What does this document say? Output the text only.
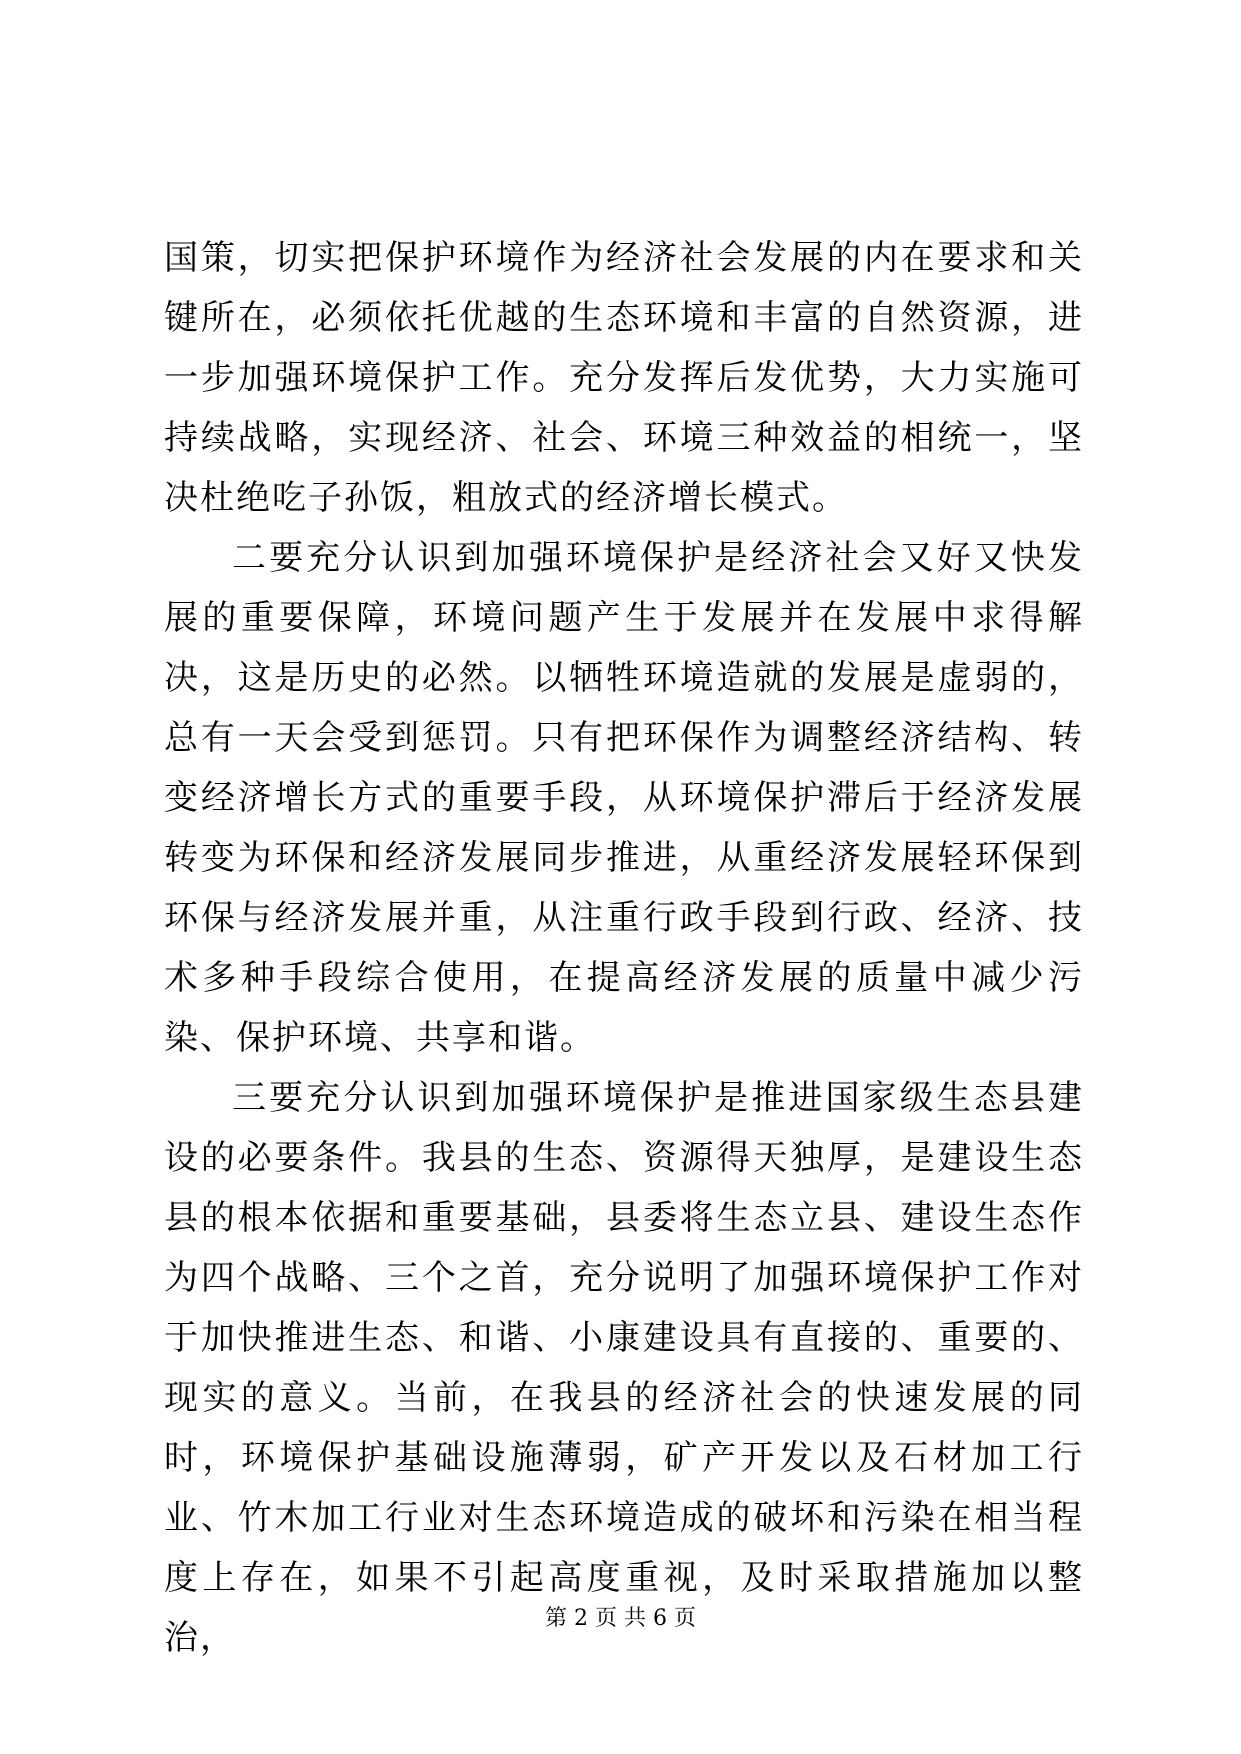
国策，切实把保护环境作为经济社会发展的内在要求和关键所在，必须依托优越的生态环境和丰富的自然资源，进一步加强环境保护工作。充分发挥后发优势，大力实施可持续战略，实现经济、社会、环境三种效益的相统一，坚决杜绝吃子孙饭，粗放式的经济增长模式。

二要充分认识到加强环境保护是经济社会又好又快发展的重要保障，环境问题产生于发展并在发展中求得解决，这是历史的必然。以牺牲环境造就的发展是虚弱的，总有一天会受到惩罚。只有把环保作为调整经济结构、转变经济增长方式的重要手段，从环境保护滞后于经济发展转变为环保和经济发展同步推进，从重经济发展轻环保到环保与经济发展并重，从注重行政手段到行政、经济、技术多种手段综合使用，在提高经济发展的质量中减少污染、保护环境、共享和谐。

三要充分认识到加强环境保护是推进国家级生态县建设的必要条件。我县的生态、资源得天独厚，是建设生态县的根本依据和重要基础，县委将生态立县、建设生态作为四个战略、三个之首，充分说明了加强环境保护工作对于加快推进生态、和谐、小康建设具有直接的、重要的、现实的意义。当前，在我县的经济社会的快速发展的同时，环境保护基础设施薄弱，矿产开发以及石材加工行业、竹木加工行业对生态环境造成的破坏和污染在相当程度上存在，如果不引起高度重视，及时采取措施加以整治，	第 2 页 共 6 页
